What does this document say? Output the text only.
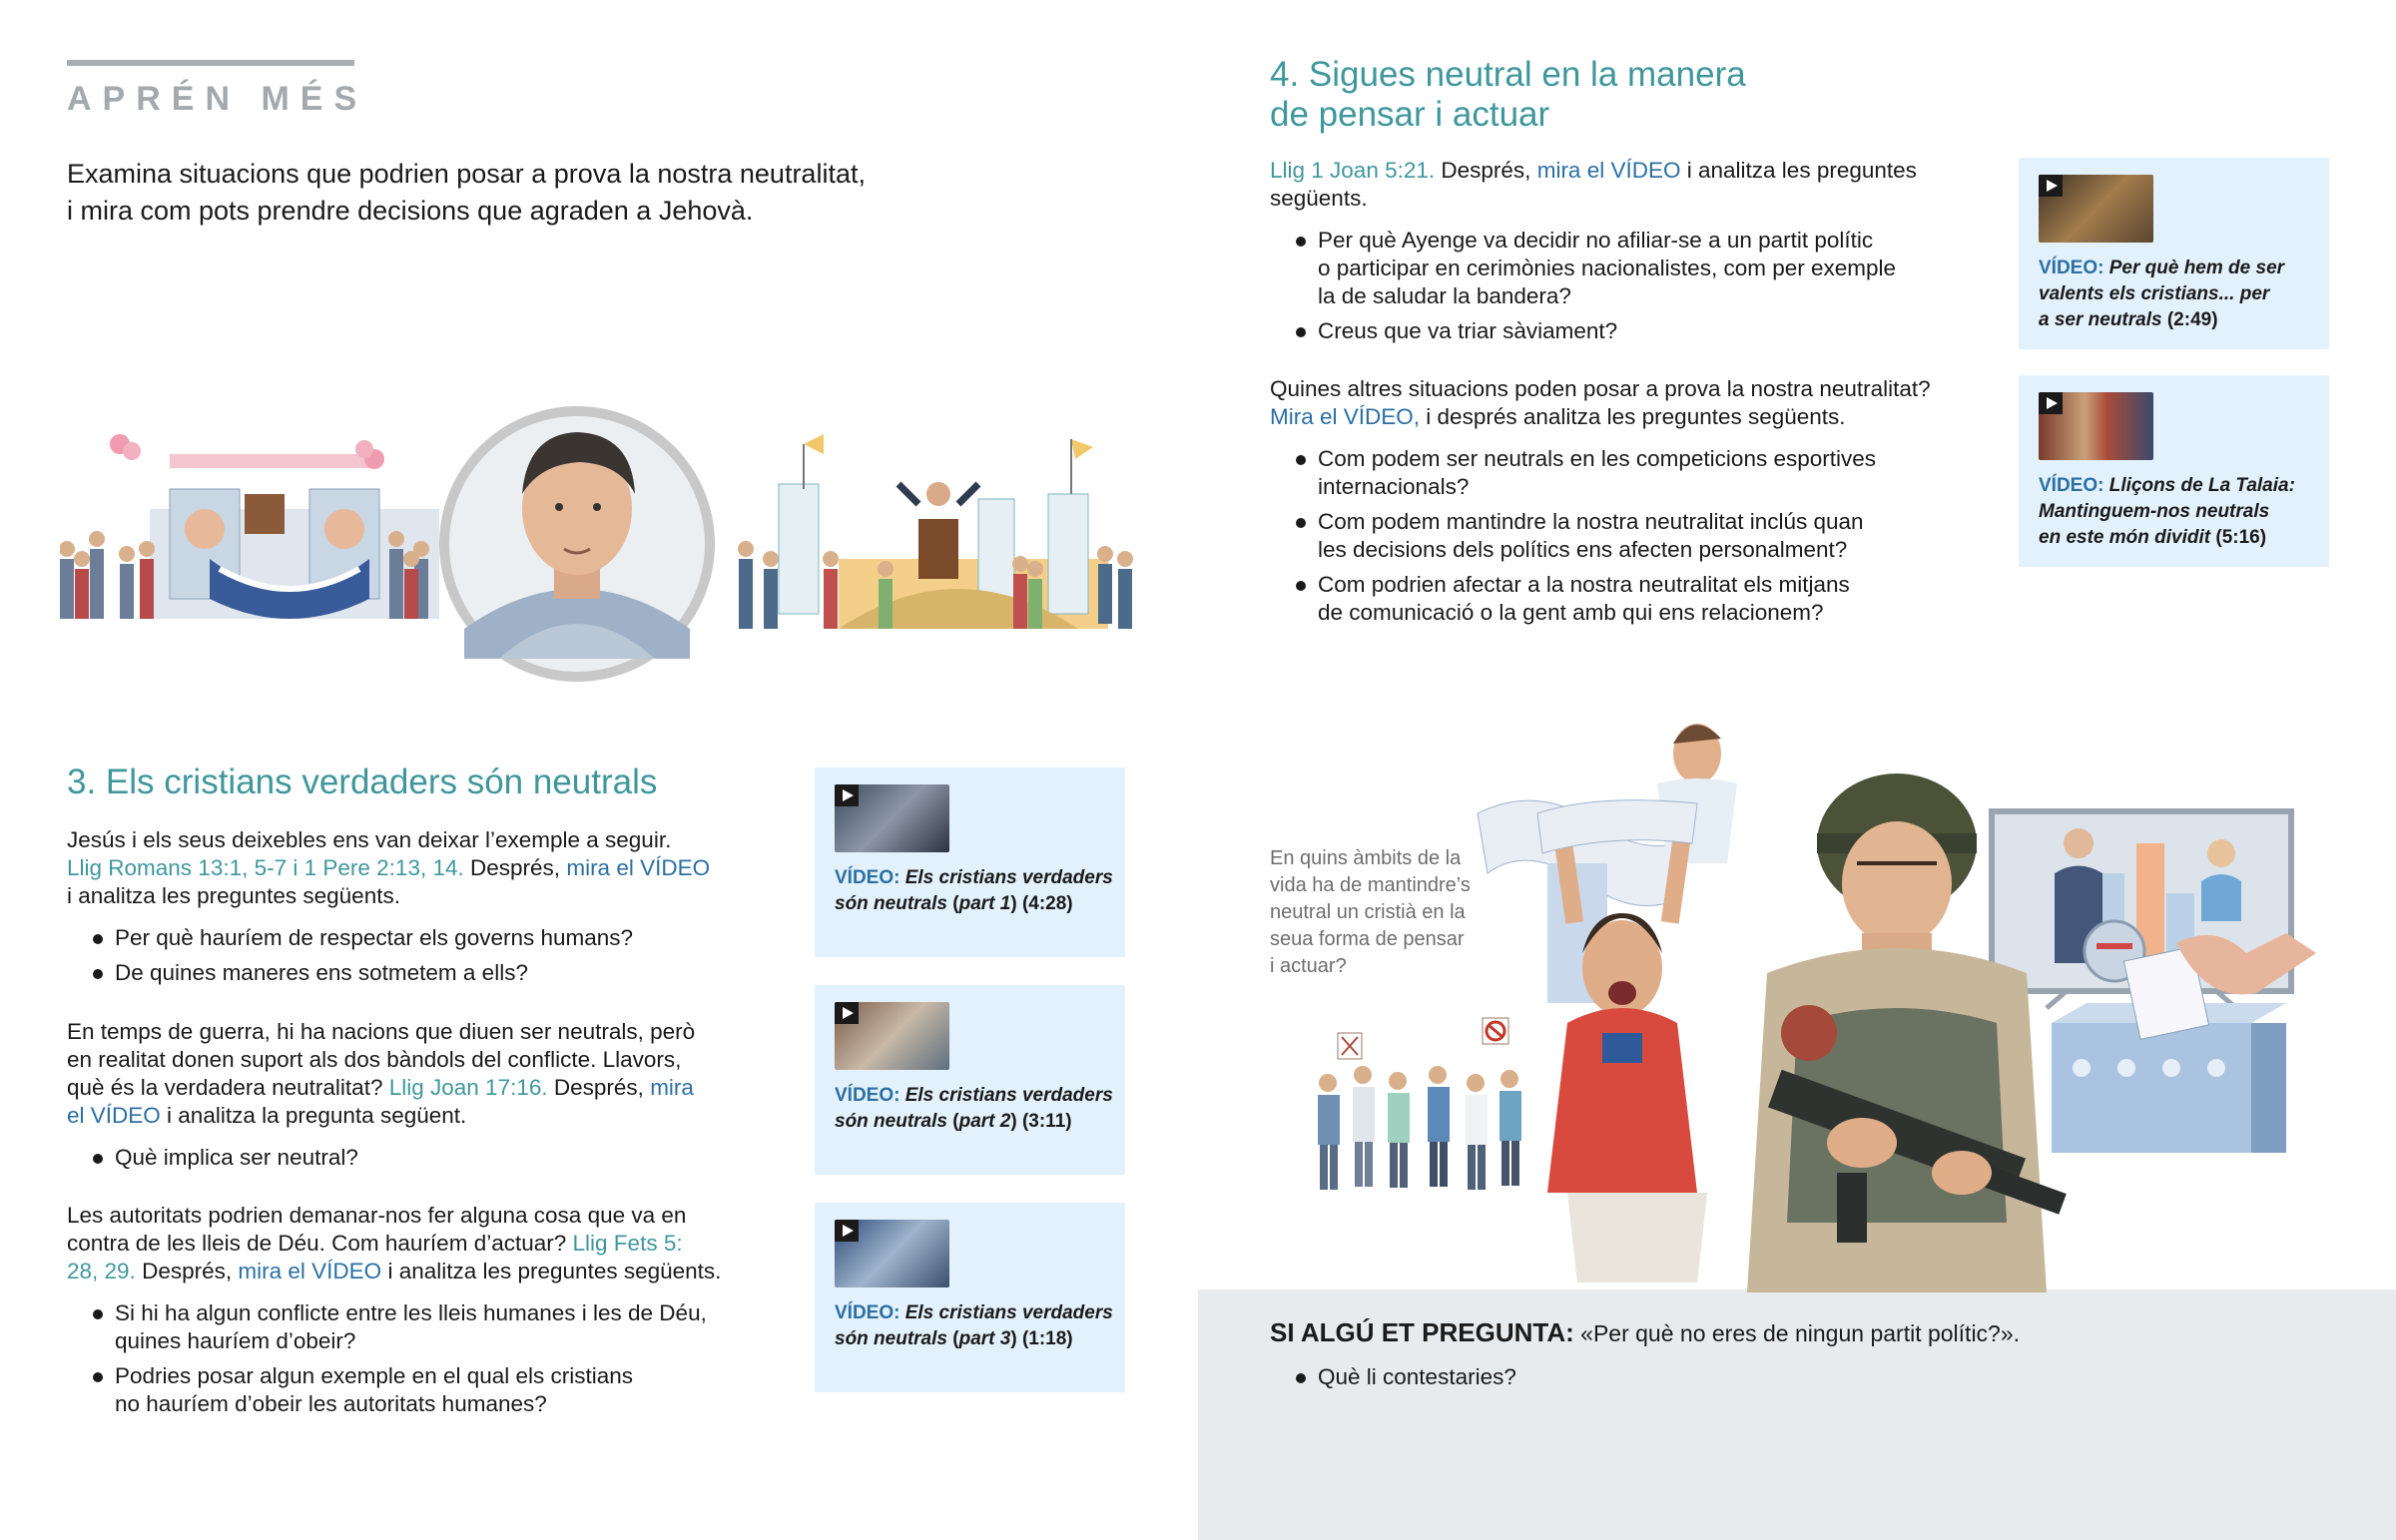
APRÉN MÉS

Examina situacions que podrien posar a prova la nostra neutralitat,
i mira com pots prendre decisions que agraden a Jehovà.

3. Els cristians verdaders són neutrals

Jesús i els seus deixebles ens van deixar l’exemple a seguir.
Llig Romans 13:1, 5-7 i 1 Pere 2:13, 14. Després, mira el VÍDEO
i analitza les preguntes següents.

Per què hauríem de respectar els governs humans?
De quines maneres ens sotmetem a ells?

En temps de guerra, hi ha nacions que diuen ser neutrals, però
en realitat donen suport als dos bàndols del conflicte. Llavors,
què és la verdadera neutralitat? Llig Joan 17:16. Després, mira
el VÍDEO i analitza la pregunta següent.

Què implica ser neutral?

Les autoritats podrien demanar-nos fer alguna cosa que va en
contra de les lleis de Déu. Com hauríem d’actuar? Llig Fets 5:
28, 29. Després, mira el VÍDEO i analitza les preguntes següents.

Si hi ha algun conflicte entre les lleis humanes i les de Déu,
quines hauríem d’obeir?
Podries posar algun exemple en el qual els cristians
no hauríem d’obeir les autoritats humanes?
VÍDEO: Els cristians verdaders
són neutrals (part 1) (4:28)
VÍDEO: Els cristians verdaders
són neutrals (part 2) (3:11)
VÍDEO: Els cristians verdaders
són neutrals (part 3) (1:18)
4. Sigues neutral en la manera
de pensar i actuar

Llig 1 Joan 5:21. Després, mira el VÍDEO i analitza les preguntes
següents.

Per què Ayenge va decidir no afiliar-se a un partit polític
o participar en cerimònies nacionalistes, com per exemple
la de saludar la bandera?
Creus que va triar sàviament?

Quines altres situacions poden posar a prova la nostra neutralitat?
Mira el VÍDEO, i després analitza les preguntes següents.

Com podem ser neutrals en les competicions esportives
internacionals?
Com podem mantindre la nostra neutralitat inclús quan
les decisions dels polítics ens afecten personalment?
Com podrien afectar a la nostra neutralitat els mitjans
de comunicació o la gent amb qui ens relacionem?
VÍDEO: Per què hem de ser
valents els cristians... per
a ser neutrals (2:49)
VÍDEO: Lliçons de La Talaia:
Mantinguem-nos neutrals
en este món dividit (5:16)
En quins àmbits de la
vida ha de mantindre’s
neutral un cristià en la
seua forma de pensar
i actuar?
SI ALGÚ ET PREGUNTA: «Per què no eres de ningun partit polític?».
Què li contestaries?
